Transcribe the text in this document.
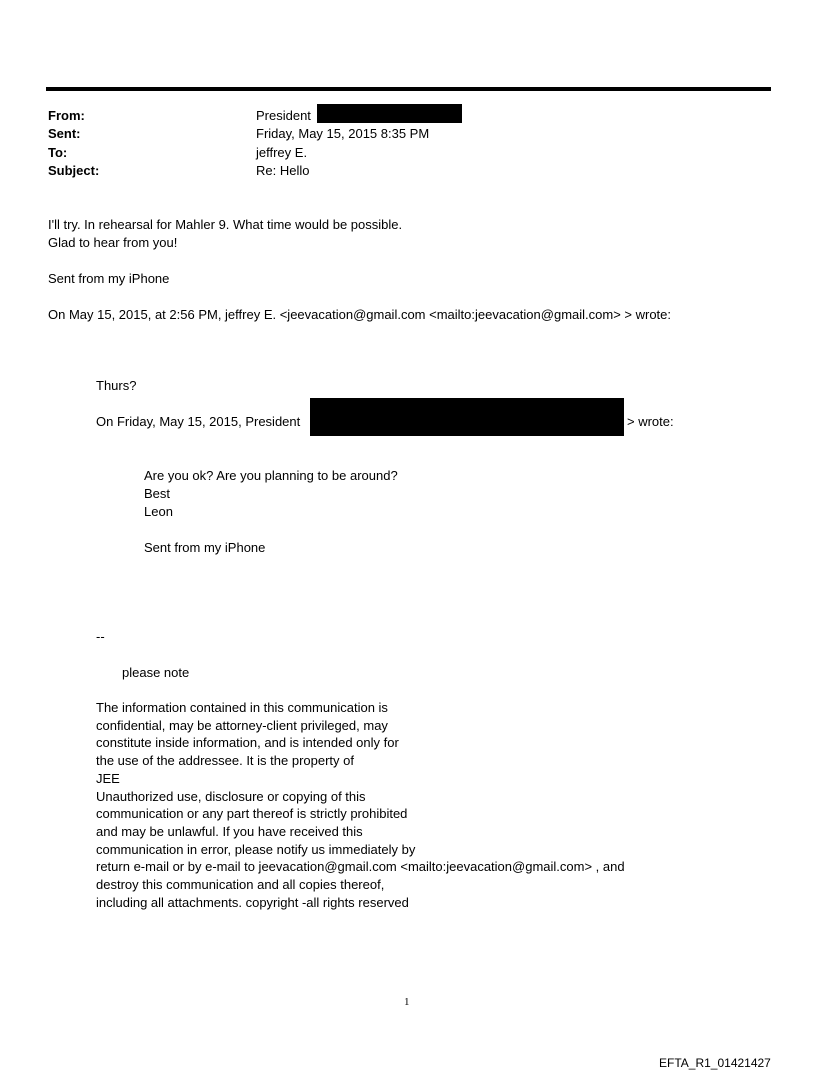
From:	President
Sent:	Friday, May 15, 2015 8:35 PM
To:	jeffrey E.
Subject:	Re: Hello
I'll try. In rehearsal for Mahler 9. What time would be possible.
Glad to hear from you!
Sent from my iPhone
On May 15, 2015, at 2:56 PM, jeffrey E. <jeevacation@gmail.com <mailto:jeevacation@gmail.com> > wrote:
Thurs?
On Friday, May 15, 2015, President	> wrote:
Are you ok? Are you planning to be around?
Best
Leon
Sent from my iPhone
--
please note
The information contained in this communication is
confidential, may be attorney-client privileged, may
constitute inside information, and is intended only for
the use of the addressee. It is the property of
JEE
Unauthorized use, disclosure or copying of this
communication or any part thereof is strictly prohibited
and may be unlawful. If you have received this
communication in error, please notify us immediately by
return e-mail or by e-mail to jeevacation@gmail.com <mailto:jeevacation@gmail.com> , and
destroy this communication and all copies thereof,
including all attachments. copyright -all rights reserved
1
EFTA_R1_01421427
